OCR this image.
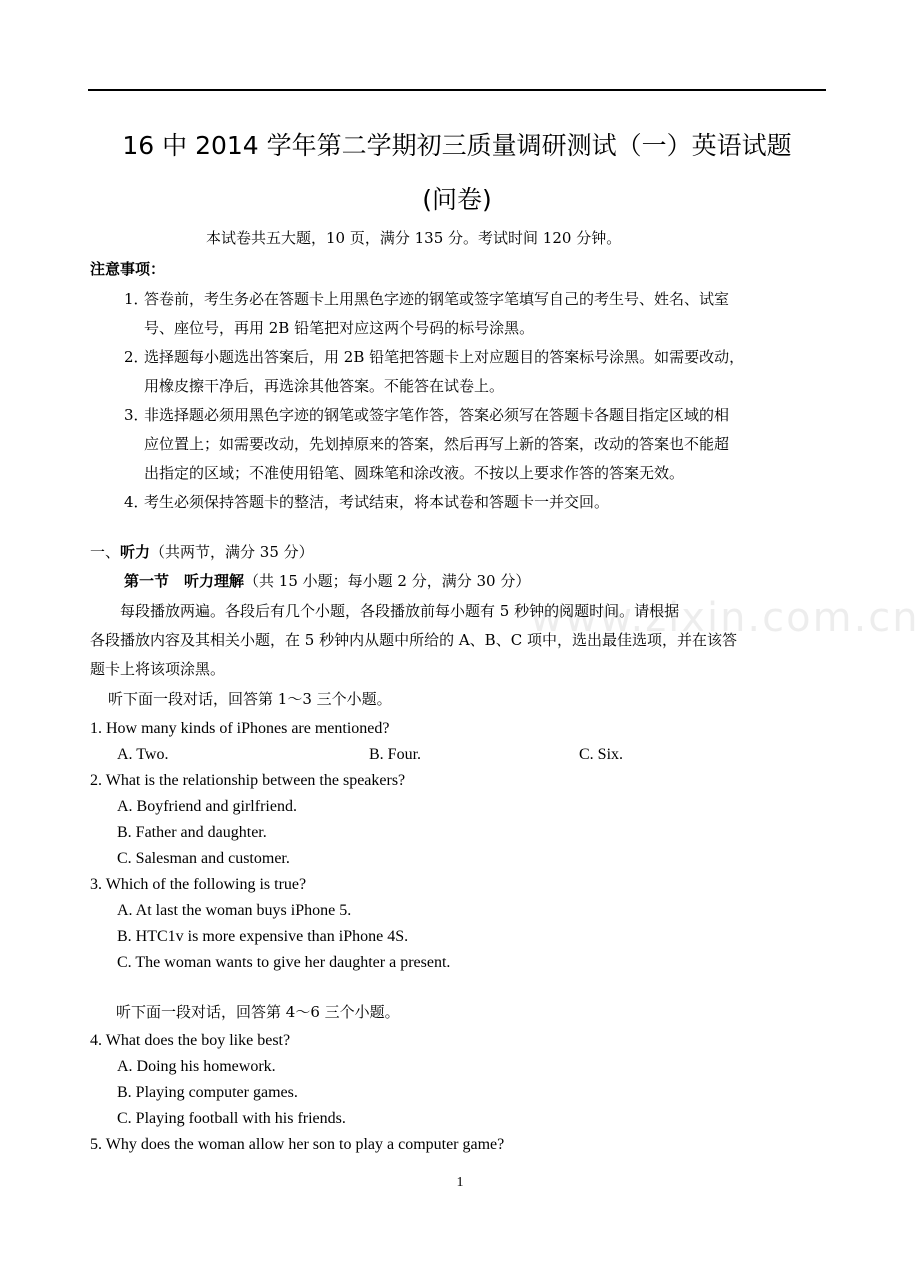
16 中 2014 学年第二学期初三质量调研测试（一）英语试题
(问卷)
本试卷共五大题，10 页，满分 135 分。考试时间 120 分钟。
注意事项：
1．
答卷前，考生务必在答题卡上用黑色字迹的钢笔或签字笔填写自己的考生号、姓名、试室
号、座位号，再用 2B 铅笔把对应这两个号码的标号涂黑。
2．
选择题每小题选出答案后，用 2B 铅笔把答题卡上对应题目的答案标号涂黑。如需要改动，
用橡皮擦干净后，再选涂其他答案。不能答在试卷上。
3．
非选择题必须用黑色字迹的钢笔或签字笔作答，答案必须写在答题卡各题目指定区域的相
应位置上；如需要改动，先划掉原来的答案，然后再写上新的答案，改动的答案也不能超
出指定的区域；不准使用铅笔、圆珠笔和涂改液。不按以上要求作答的答案无效。
4．
考生必须保持答题卡的整洁，考试结束，将本试卷和答题卡一并交回。
一、听力（共两节，满分 35 分）
第一节　听力理解（共 15 小题；每小题 2 分，满分 30 分）
www.zixin.com.cn
　　每段播放两遍。各段后有几个小题，各段播放前每小题有 5 秒钟的阅题时间。请根据
各段播放内容及其相关小题，在 5 秒钟内从题中所给的 A、B、C 项中，选出最佳选项，并在该答
题卡上将该项涂黑。
听下面一段对话，回答第 1～3 三个小题。
1. How many kinds of iPhones are mentioned?
A. Two.	B. Four.	C. Six.
2. What is the relationship between the speakers?
A. Boyfriend and girlfriend.
B. Father and daughter.
C. Salesman and customer.
3. Which of the following is true?
A. At last the woman buys iPhone 5.
B. HTC1v is more expensive than iPhone 4S.
C. The woman wants to give her daughter a present.
听下面一段对话，回答第 4～6 三个小题。
4. What does the boy like best?
A. Doing his homework.
B. Playing computer games.
C. Playing football with his friends.
5. Why does the woman allow her son to play a computer game?
1
